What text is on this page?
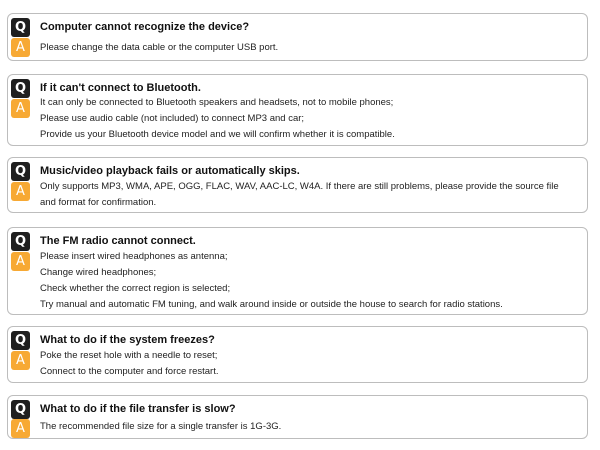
Q
A
Computer cannot recognize the device?
Please change the data cable or the computer USB port.
Q
A
If it can't connect to Bluetooth.
It can only be connected to Bluetooth speakers and headsets, not to mobile phones;
Please use audio cable (not included) to connect MP3 and car;
Provide us your Bluetooth device model and we will confirm whether it is compatible.
Q
A
Music/video playback fails or automatically skips.
Only supports MP3, WMA, APE, OGG, FLAC, WAV, AAC-LC, W4A. If there are still problems, please provide the source file
and format for confirmation.
Q
A
The FM radio cannot connect.
Please insert wired headphones as antenna;
Change wired headphones;
Check whether the correct region is selected;
Try manual and automatic FM tuning, and walk around inside or outside the house to search for radio stations.
Q
A
What to do if the system freezes?
Poke the reset hole with a needle to reset;
Connect to the computer and force restart.
Q
A
What to do if the file transfer is slow?
The recommended file size for a single transfer is 1G-3G.
